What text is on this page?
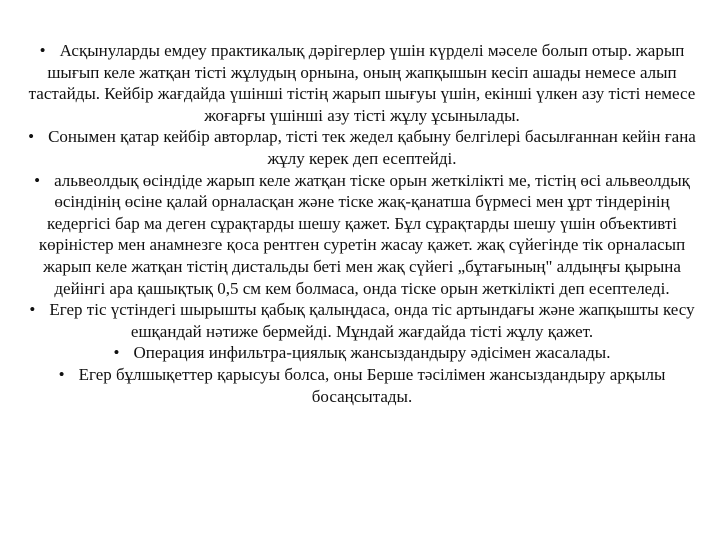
• Асқынуларды емдеу практикалық дәрігерлер үшін күрделі мәселе болып отыр. жарып шығып келе жатқан тісті жұлудың орнына, оның жапқышын кесіп ашады немесе алып тастайды. Кейбір жағдайда үшінші тістің жарып шығуы үшін, екінші үлкен азу тісті немесе жоғарғы үшінші азу тісті жұлу ұсынылады.

• Сонымен қатар кейбір авторлар, тісті тек жедел қабыну белгілері басылғаннан кейін ғана жұлу керек деп есептейді.

• альвеолдық өсіндіде жарып келе жатқан тіске орын жеткілікті ме, тістің өсі альвеолдық өсіндінің өсіне қалай орналасқан және тіске жақ-қанатша бүрмесі мен ұрт тіндерінің кедергісі бар ма деген сұрақтарды шешу қажет. Бұл сұрақтарды шешу үшін объективті көріністер мен анамнезге қоса рентген суретін жасау қажет. жақ сүйегінде тік орналасып жарып келе жатқан тістің дистальды беті мен жақ сүйегі „бұтағының" алдыңғы қырына дейінгі ара қашықтық 0,5 см кем болмаса, онда тіске орын жеткілікті деп есептеледі.

• Егер тіс үстіндегі шырышты қабық қалыңдаса, онда тіс артындағы және жапқышты кесу ешқандай нәтиже бермейді. Мұндай жағдайда тісті жұлу қажет.

• Операция инфильтра-циялық жансыздандыру әдісімен жасалады.

• Егер бұлшықеттер қарысуы болса, оны Берше тәсілімен жансыздандыру арқылы босаңсытады.
